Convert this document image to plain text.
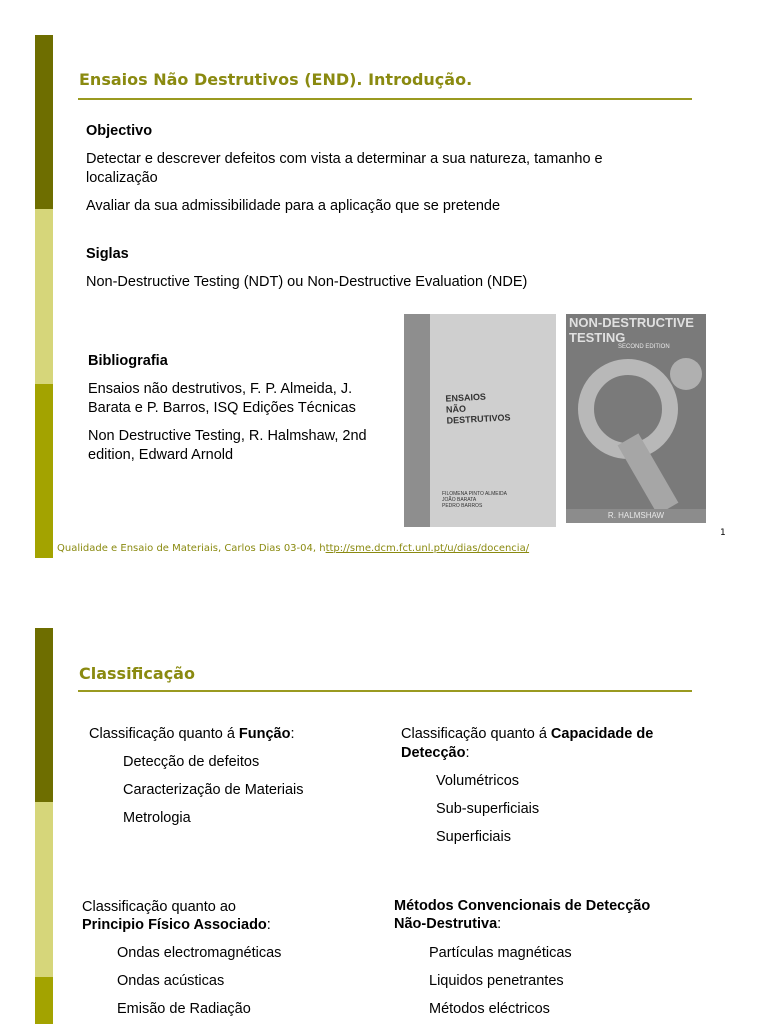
Ensaios Não Destrutivos (END). Introdução.
Objectivo
Detectar e descrever defeitos com vista a determinar a sua natureza, tamanho e
localização
Avaliar da sua admissibilidade para a aplicação que se pretende
Siglas
Non-Destructive Testing (NDT) ou Non-Destructive Evaluation (NDE)
Bibliografia
Ensaios não destrutivos, F. P. Almeida, J.
Barata e P. Barros, ISQ Edições Técnicas
Non Destructive Testing, R. Halmshaw, 2nd
edition, Edward Arnold
ENSAIOS
NÃO
DESTRUTIVOS
FILOMENA PINTO ALMEIDA
JOÃO BARATA
PEDRO BARROS
NON-DESTRUCTIVE
TESTING
SECOND EDITION
R. HALMSHAW
Qualidade e Ensaio de Materiais, Carlos Dias 03-04, http://sme.dcm.fct.unl.pt/u/dias/docencia/
1
Classificação
Classificação quanto á Função:
Detecção de defeitos
Caracterização de Materiais
Metrologia
Classificação quanto á Capacidade de
Detecção:
Volumétricos
Sub-superficiais
Superficiais
Classificação quanto ao
Principio Físico Associado:
Ondas electromagnéticas
Ondas acústicas
Emisão de Radiação
Métodos Convencionais de Detecção
Não-Destrutiva:
Partículas magnéticas
Liquidos penetrantes
Métodos eléctricos
